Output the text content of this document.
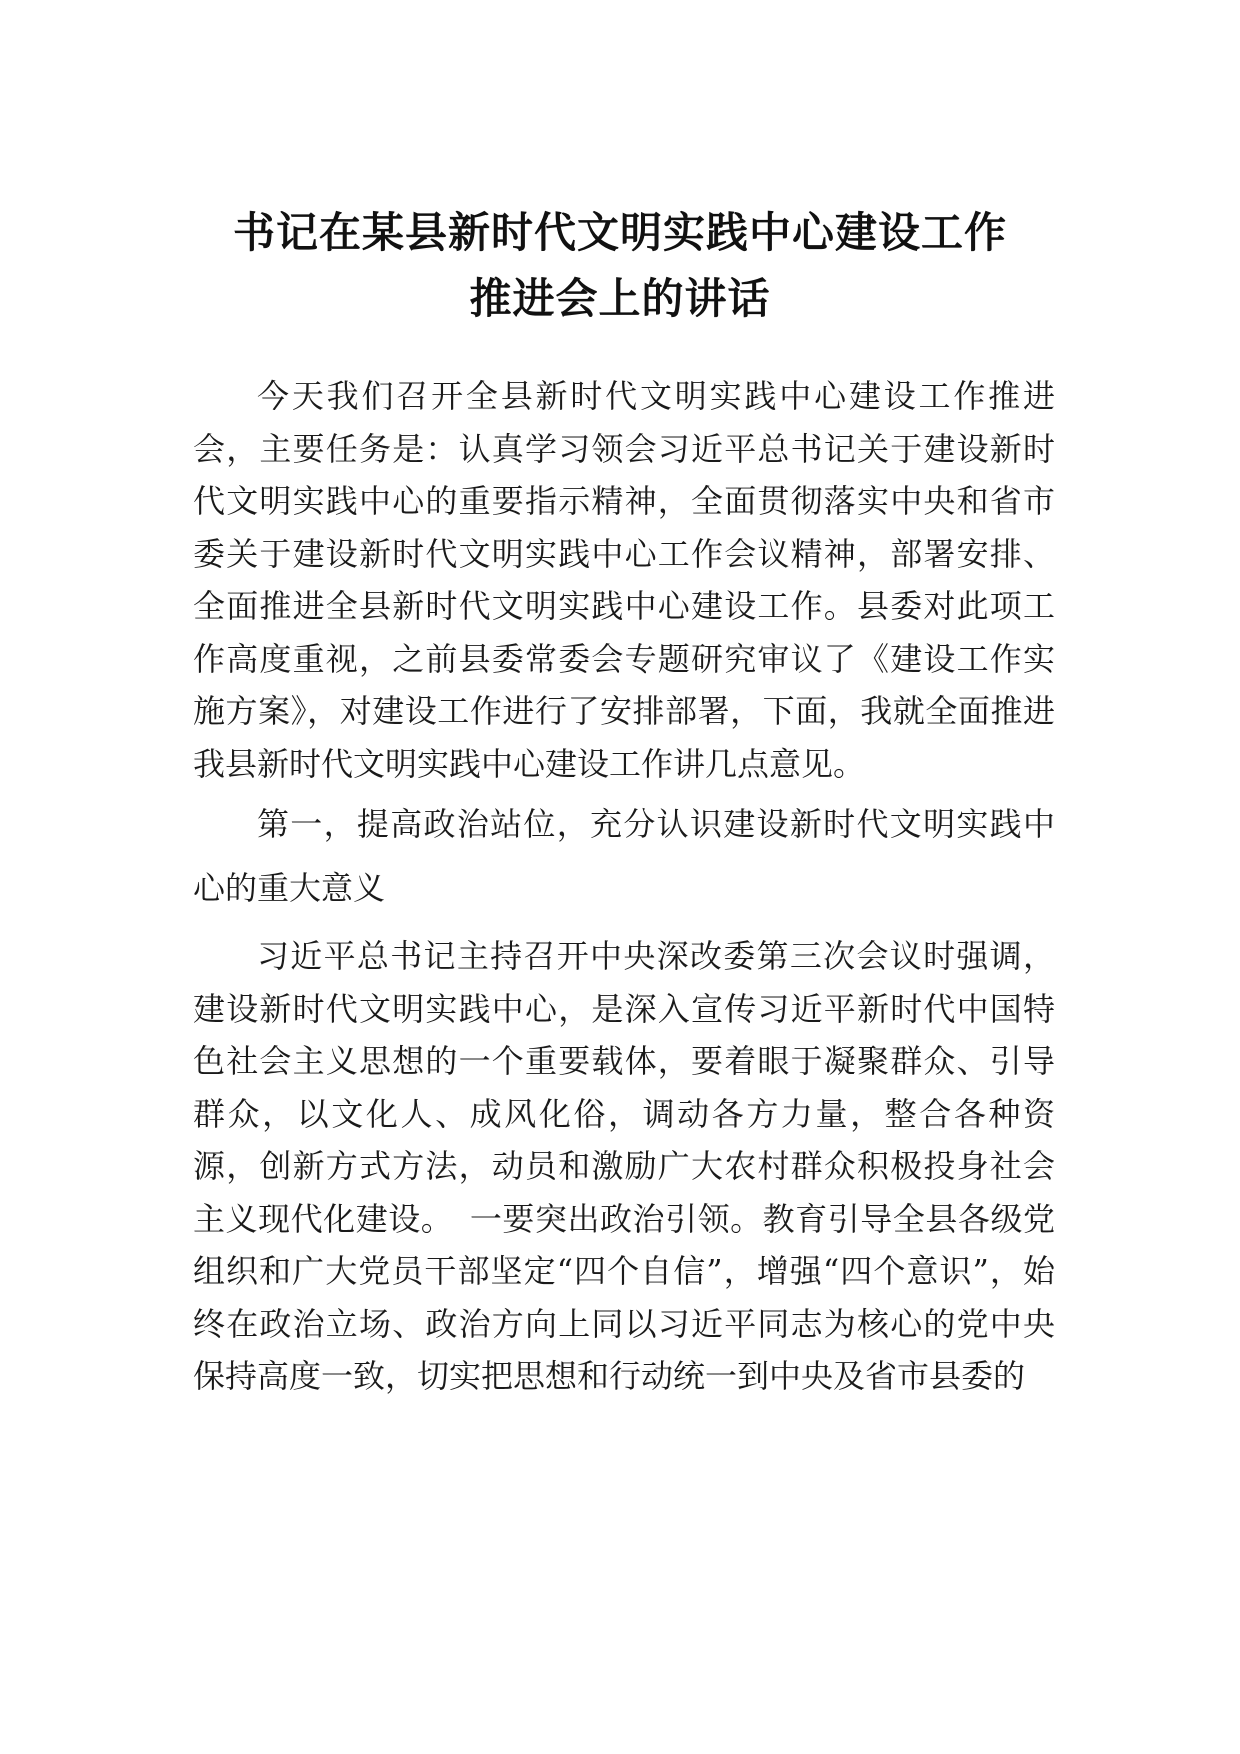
书记在某县新时代文明实践中心建设工作
推进会上的讲话

今天我们召开全县新时代文明实践中心建设工作推进会，主要任务是：认真学习领会习近平总书记关于建设新时代文明实践中心的重要指示精神，全面贯彻落实中央和省市委关于建设新时代文明实践中心工作会议精神，部署安排、全面推进全县新时代文明实践中心建设工作。县委对此项工作高度重视，之前县委常委会专题研究审议了《建设工作实施方案》，对建设工作进行了安排部署，下面，我就全面推进我县新时代文明实践中心建设工作讲几点意见。

第一，提高政治站位，充分认识建设新时代文明实践中心的重大意义

习近平总书记主持召开中央深改委第三次会议时强调，建设新时代文明实践中心，是深入宣传习近平新时代中国特色社会主义思想的一个重要载体，要着眼于凝聚群众、引导群众，以文化人、成风化俗，调动各方力量，整合各种资源，创新方式方法，动员和激励广大农村群众积极投身社会主义现代化建设。　一要突出政治引领。教育引导全县各级党组织和广大党员干部坚定“四个自信”，增强“四个意识”，始终在政治立场、政治方向上同以习近平同志为核心的党中央保持高度一致，切实把思想和行动统一到中央及省市县委的
